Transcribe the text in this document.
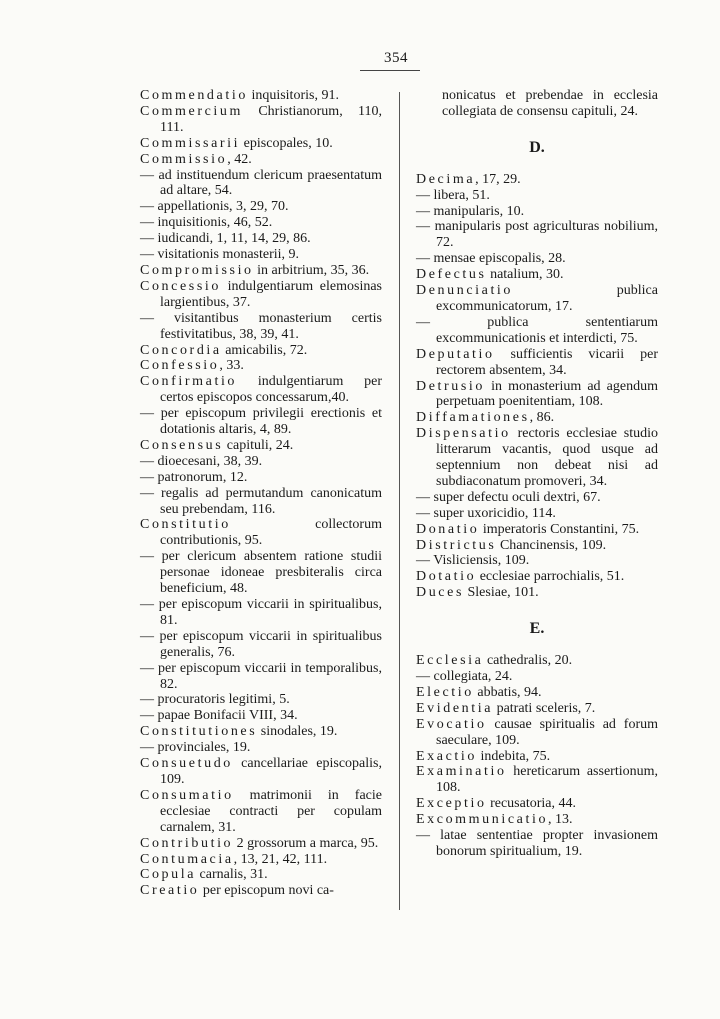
354
Commendatio inquisitoris, 91.
Commercium Christianorum, 110, 111.
Commissarii episcopales, 10.
Commissio, 42.
— ad instituendum clericum praesentatum ad altare, 54.
— appellationis, 3, 29, 70.
— inquisitionis, 46, 52.
— iudicandi, 1, 11, 14, 29, 86.
— visitationis monasterii, 9.
Compromissio in arbitrium, 35, 36.
Concessio indulgentiarum elemosinas largientibus, 37.
— visitantibus monasterium certis festivitatibus, 38, 39, 41.
Concordia amicabilis, 72.
Confessio, 33.
Confirmatio indulgentiarum per certos episcopos concessarum,40.
— per episcopum privilegii erectionis et dotationis altaris, 4, 89.
Consensus capituli, 24.
— dioecesani, 38, 39.
— patronorum, 12.
— regalis ad permutandum canonicatum seu prebendam, 116.
Constitutio collectorum contributionis, 95.
— per clericum absentem ratione studii personae idoneae presbiteralis circa beneficium, 48.
— per episcopum viccarii in spiritualibus, 81.
— per episcopum viccarii in spiritualibus generalis, 76.
— per episcopum viccarii in temporalibus, 82.
— procuratoris legitimi, 5.
— papae Bonifacii VIII, 34.
Constitutiones sinodales, 19.
— provinciales, 19.
Consuetudo cancellariae episcopalis, 109.
Consumatio matrimonii in facie ecclesiae contracti per copulam carnalem, 31.
Contributio 2 grossorum a marca, 95.
Contumacia, 13, 21, 42, 111.
Copula carnalis, 31.
Creatio per episcopum novi ca-
nonicatus et prebendae in ecclesia collegiata de consensu capituli, 24.
D.
Decima, 17, 29.
— libera, 51.
— manipularis, 10.
— manipularis post agriculturas nobilium, 72.
— mensae episcopalis, 28.
Defectus natalium, 30.
Denunciatio publica excommunicatorum, 17.
— publica sententiarum excommunicationis et interdicti, 75.
Deputatio sufficientis vicarii per rectorem absentem, 34.
Detrusio in monasterium ad agendum perpetuam poenitentiam, 108.
Diffamationes, 86.
Dispensatio rectoris ecclesiae studio litterarum vacantis, quod usque ad septennium non debeat nisi ad subdiaconatum promoveri, 34.
— super defectu oculi dextri, 67.
— super uxoricidio, 114.
Donatio imperatoris Constantini, 75.
Districtus Chancinensis, 109.
— Visliciensis, 109.
Dotatio ecclesiae parrochialis, 51.
Duces Slesiae, 101.
E.
Ecclesia cathedralis, 20.
— collegiata, 24.
Electio abbatis, 94.
Evidentia patrati sceleris, 7.
Evocatio causae spiritualis ad forum saeculare, 109.
Exactio indebita, 75.
Examinatio hereticarum assertionum, 108.
Exceptio recusatoria, 44.
Excommunicatio, 13.
— latae sententiae propter invasionem bonorum spiritualium, 19.
